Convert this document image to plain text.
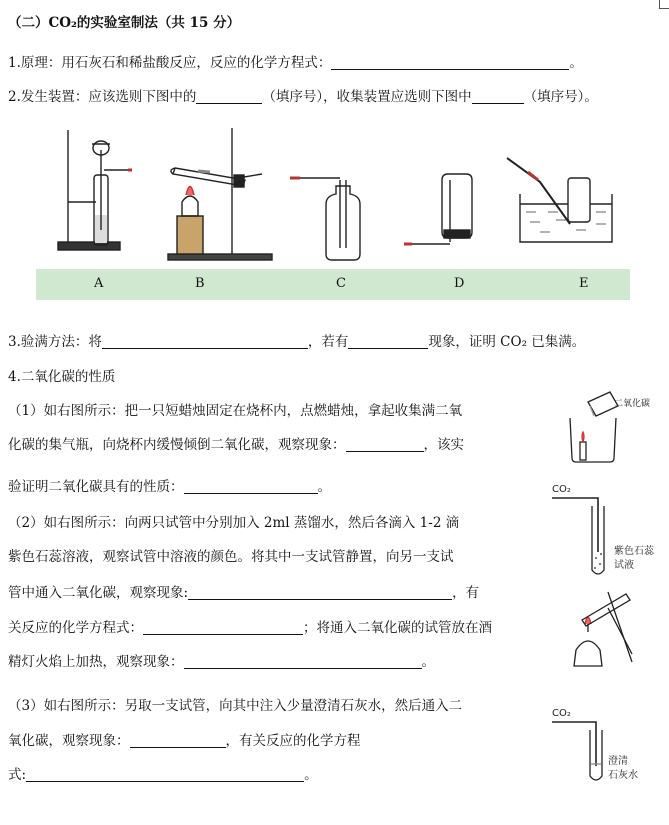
（二）CO₂的实验室制法（共 15 分）
1.原理：用石灰石和稀盐酸反应，反应的化学方程式：	。
2.发生装置：应该选则下图中的	（填序号），收集装置应选则下图中	（填序号）。
A	B	C	D	E
3.验满方法：将	，若有	现象，证明 CO₂ 已集满。
4.二氧化碳的性质
（1）如右图所示：把一只短蜡烛固定在烧杯内，点燃蜡烛，拿起收集满二氧
化碳的集气瓶，向烧杯内缓慢倾倒二氧化碳，观察现象：	，该实
验证明二氧化碳具有的性质：	。
（2）如右图所示：向两只试管中分别加入 2ml 蒸馏水，然后各滴入 1-2 滴
紫色石蕊溶液，观察试管中溶液的颜色。将其中一支试管静置，向另一支试
管中通入二氧化碳，观察现象:	，有
关反应的化学方程式：	；将通入二氧化碳的试管放在酒
精灯火焰上加热，观察现象：	。
（3）如右图所示：另取一支试管，向其中注入少量澄清石灰水，然后通入二
氧化碳，观察现象：	，有关反应的化学方程
式:	。
二氧化碳
CO₂
紫色石蕊
试液
CO₂
澄清
石灰水
